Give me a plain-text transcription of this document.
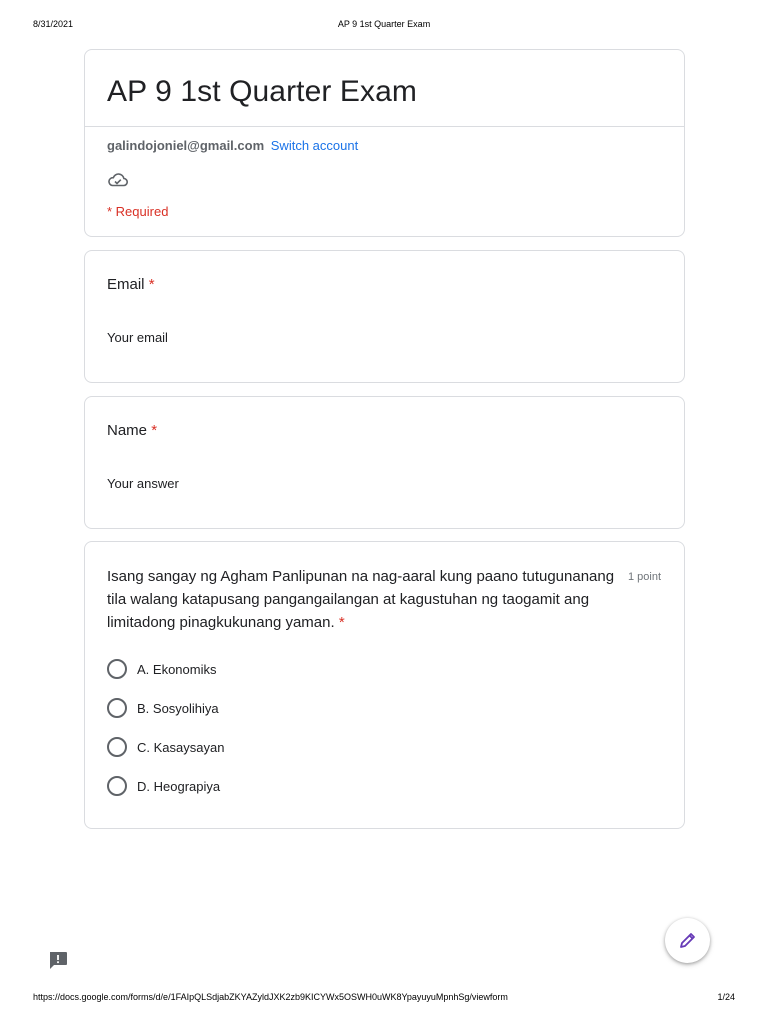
8/31/2021	AP 9 1st Quarter Exam
AP 9 1st Quarter Exam
galindojoniel@gmail.com Switch account
* Required
Email *
Your email
Name *
Your answer
Isang sangay ng Agham Panlipunan na nag-aaral kung paano tutugunanang tila walang katapusang pangangailangan at kagustuhan ng taogamit ang limitadong pinagkukunang yaman. *
1 point
A. Ekonomiks
B. Sosyolihiya
C. Kasaysayan
D. Heograpiya
https://docs.google.com/forms/d/e/1FAIpQLSdjabZKYAZyldJXK2zb9KICYWx5OSWH0uWK8YpayuyuMpnhSg/viewform	1/24
